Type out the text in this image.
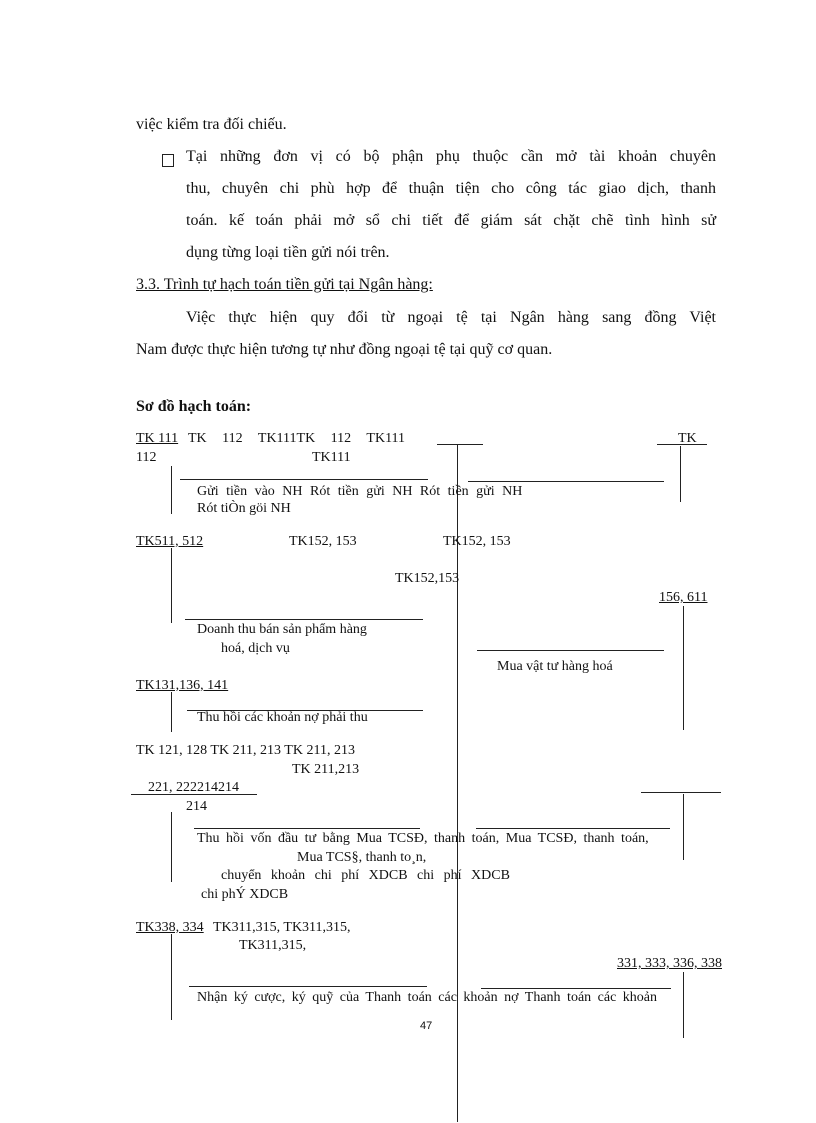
việc kiểm tra đối chiếu.
Tại những đơn vị có bộ phận phụ thuộc cần mở tài khoản chuyên
thu, chuyên chi phù hợp để thuận tiện cho công tác giao dịch, thanh
toán. kế toán phải mở sổ chi tiết để giám sát chặt chẽ tình hình sử
dụng từng loại tiền gửi nói trên.
3.3. Trình tự hạch toán tiền gửi tại Ngân hàng:
Việc thực hiện quy đổi từ ngoại tệ tại Ngân hàng sang đồng Việt
Nam được thực hiện tương tự như đồng ngoại tệ tại quỹ cơ quan.
Sơ đồ hạch toán:
TK 111 TK 112 TK111TK 112 TK111	TK
112	TK111
Gửi tiền vào NH Rót tiền gửi NH Rót tiền gửi NH
Rót tiÒn göi NH
TK511, 512	TK152, 153	TK152, 153
TK152,153
156, 611
Doanh thu bán sản phẩm hàng
hoá, dịch vụ
Mua vật tư hàng hoá
TK131,136, 141
Thu hồi các khoản nợ phải thu
TK 121, 128 TK 211, 213 TK 211, 213
TK 211,213
221, 222214214
214
Thu hồi vốn đầu tư bằng Mua TCSĐ, thanh toán, Mua TCSĐ, thanh toán,
Mua TCS§, thanh to¸n,
chuyển khoản chi phí XDCB chi phí XDCB
chi phÝ XDCB
TK338, 334 TK311,315, TK311,315,
TK311,315,
331, 333, 336, 338
Nhận ký cược, ký quỹ của Thanh toán các khoản nợ Thanh toán các khoản
47
